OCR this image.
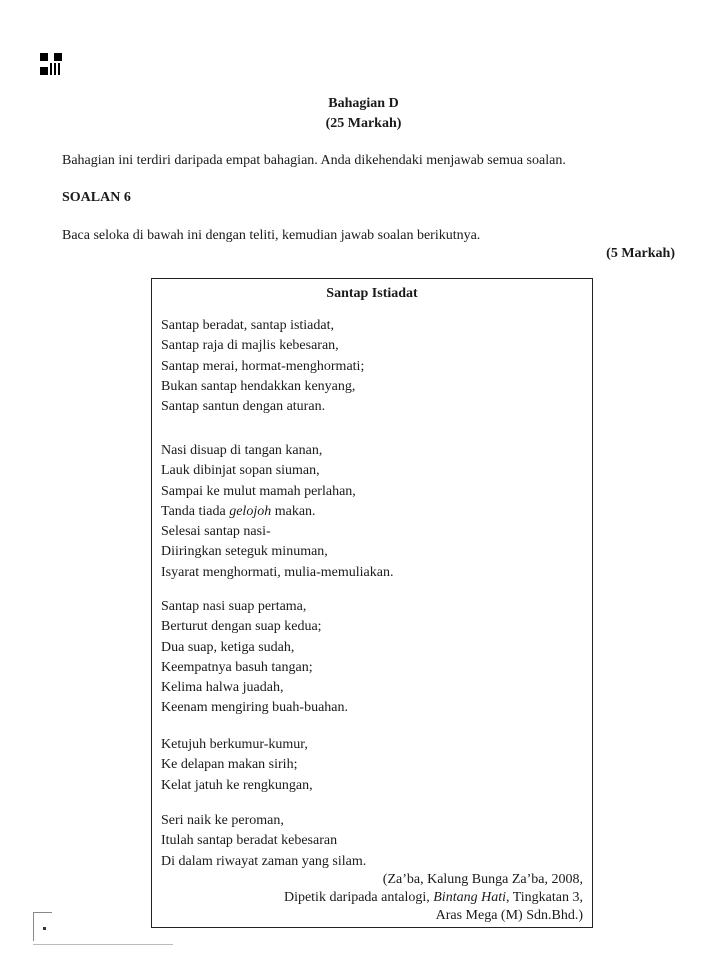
Bahagian D
(25 Markah)
Bahagian ini terdiri daripada empat bahagian. Anda dikehendaki menjawab semua soalan.
SOALAN 6
Baca seloka di bawah ini dengan teliti, kemudian jawab soalan berikutnya.
(5 Markah)
Santap Istiadat
Santap beradat, santap istiadat,
Santap raja di majlis kebesaran,
Santap merai, hormat-menghormati;
Bukan santap hendakkan kenyang,
Santap santun dengan aturan.
Nasi disuap di tangan kanan,
Lauk dibinjat sopan siuman,
Sampai ke mulut mamah perlahan,
Tanda tiada gelojoh makan.
Selesai santap nasi-
Diiringkan seteguk minuman,
Isyarat menghormati, mulia-memuliakan.
Santap nasi suap pertama,
Berturut dengan suap kedua;
Dua suap, ketiga sudah,
Keempatnya basuh tangan;
Kelima halwa juadah,
Keenam mengiring buah-buahan.
Ketujuh berkumur-kumur,
Ke delapan makan sirih;
Kelat jatuh ke rengkungan,
Seri naik ke peroman,
Itulah santap beradat kebesaran
Di dalam riwayat zaman yang silam.
(Za’ba, Kalung Bunga Za’ba, 2008,
Dipetik daripada antalogi, Bintang Hati, Tingkatan 3,
Aras Mega (M) Sdn.Bhd.)
